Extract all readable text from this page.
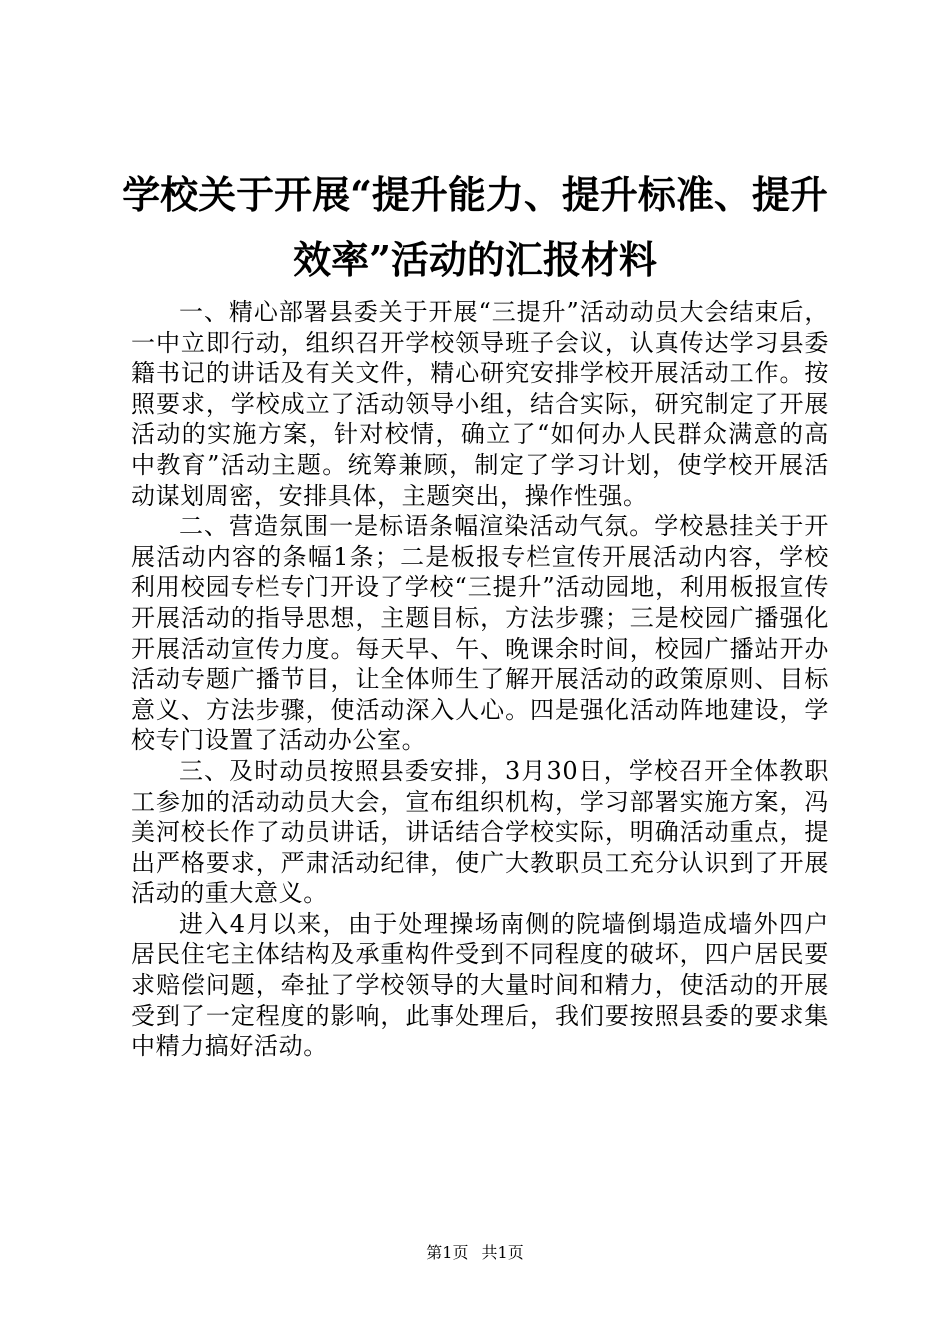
学校关于开展“提升能力、提升标准、提升效率”活动的汇报材料

一、精心部署县委关于开展“三提升”活动动员大会结束后，一中立即行动，组织召开学校领导班子会议，认真传达学习县委籍书记的讲话及有关文件，精心研究安排学校开展活动工作。按照要求，学校成立了活动领导小组，结合实际，研究制定了开展活动的实施方案，针对校情，确立了“如何办人民群众满意的高中教育”活动主题。统筹兼顾，制定了学习计划，使学校开展活动谋划周密，安排具体，主题突出，操作性强。

二、营造氛围一是标语条幅渲染活动气氛。学校悬挂关于开展活动内容的条幅1条；二是板报专栏宣传开展活动内容，学校利用校园专栏专门开设了学校“三提升”活动园地，利用板报宣传开展活动的指导思想，主题目标，方法步骤；三是校园广播强化开展活动宣传力度。每天早、午、晚课余时间，校园广播站开办活动专题广播节目，让全体师生了解开展活动的政策原则、目标意义、方法步骤，使活动深入人心。四是强化活动阵地建设，学校专门设置了活动办公室。

三、及时动员按照县委安排，3月30日，学校召开全体教职工参加的活动动员大会，宣布组织机构，学习部署实施方案，冯美河校长作了动员讲话，讲话结合学校实际，明确活动重点，提出严格要求，严肃活动纪律，使广大教职员工充分认识到了开展活动的重大意义。

进入4月以来，由于处理操场南侧的院墙倒塌造成墙外四户居民住宅主体结构及承重构件受到不同程度的破坏，四户居民要求赔偿问题，牵扯了学校领导的大量时间和精力，使活动的开展受到了一定程度的影响，此事处理后，我们要按照县委的要求集中精力搞好活动。

第1页 共1页
